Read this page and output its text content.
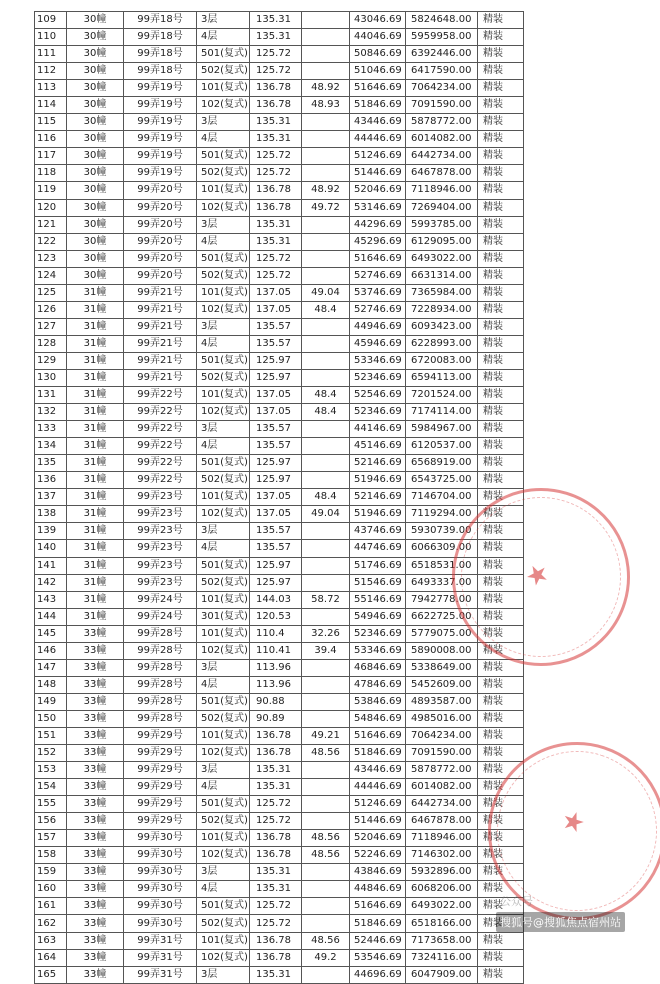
109	30幢	99弄18号	3层	135.31		43046.69	5824648.00	精装
110	30幢	99弄18号	4层	135.31		44046.69	5959958.00	精装
111	30幢	99弄18号	501(复式)	125.72		50846.69	6392446.00	精装
112	30幢	99弄18号	502(复式)	125.72		51046.69	6417590.00	精装
113	30幢	99弄19号	101(复式)	136.78	48.92	51646.69	7064234.00	精装
114	30幢	99弄19号	102(复式)	136.78	48.93	51846.69	7091590.00	精装
115	30幢	99弄19号	3层	135.31		43446.69	5878772.00	精装
116	30幢	99弄19号	4层	135.31		44446.69	6014082.00	精装
117	30幢	99弄19号	501(复式)	125.72		51246.69	6442734.00	精装
118	30幢	99弄19号	502(复式)	125.72		51446.69	6467878.00	精装
119	30幢	99弄20号	101(复式)	136.78	48.92	52046.69	7118946.00	精装
120	30幢	99弄20号	102(复式)	136.78	49.72	53146.69	7269404.00	精装
121	30幢	99弄20号	3层	135.31		44296.69	5993785.00	精装
122	30幢	99弄20号	4层	135.31		45296.69	6129095.00	精装
123	30幢	99弄20号	501(复式)	125.72		51646.69	6493022.00	精装
124	30幢	99弄20号	502(复式)	125.72		52746.69	6631314.00	精装
125	31幢	99弄21号	101(复式)	137.05	49.04	53746.69	7365984.00	精装
126	31幢	99弄21号	102(复式)	137.05	48.4	52746.69	7228934.00	精装
127	31幢	99弄21号	3层	135.57		44946.69	6093423.00	精装
128	31幢	99弄21号	4层	135.57		45946.69	6228993.00	精装
129	31幢	99弄21号	501(复式)	125.97		53346.69	6720083.00	精装
130	31幢	99弄21号	502(复式)	125.97		52346.69	6594113.00	精装
131	31幢	99弄22号	101(复式)	137.05	48.4	52546.69	7201524.00	精装
132	31幢	99弄22号	102(复式)	137.05	48.4	52346.69	7174114.00	精装
133	31幢	99弄22号	3层	135.57		44146.69	5984967.00	精装
134	31幢	99弄22号	4层	135.57		45146.69	6120537.00	精装
135	31幢	99弄22号	501(复式)	125.97		52146.69	6568919.00	精装
136	31幢	99弄22号	502(复式)	125.97		51946.69	6543725.00	精装
137	31幢	99弄23号	101(复式)	137.05	48.4	52146.69	7146704.00	精装
138	31幢	99弄23号	102(复式)	137.05	49.04	51946.69	7119294.00	精装
139	31幢	99弄23号	3层	135.57		43746.69	5930739.00	精装
140	31幢	99弄23号	4层	135.57		44746.69	6066309.00	精装
141	31幢	99弄23号	501(复式)	125.97		51746.69	6518531.00	精装
142	31幢	99弄23号	502(复式)	125.97		51546.69	6493337.00	精装
143	31幢	99弄24号	101(复式)	144.03	58.72	55146.69	7942778.00	精装
144	31幢	99弄24号	301(复式)	120.53		54946.69	6622725.00	精装
145	33幢	99弄28号	101(复式)	110.4	32.26	52346.69	5779075.00	精装
146	33幢	99弄28号	102(复式)	110.41	39.4	53346.69	5890008.00	精装
147	33幢	99弄28号	3层	113.96		46846.69	5338649.00	精装
148	33幢	99弄28号	4层	113.96		47846.69	5452609.00	精装
149	33幢	99弄28号	501(复式)	90.88		53846.69	4893587.00	精装
150	33幢	99弄28号	502(复式)	90.89		54846.69	4985016.00	精装
151	33幢	99弄29号	101(复式)	136.78	49.21	51646.69	7064234.00	精装
152	33幢	99弄29号	102(复式)	136.78	48.56	51846.69	7091590.00	精装
153	33幢	99弄29号	3层	135.31		43446.69	5878772.00	精装
154	33幢	99弄29号	4层	135.31		44446.69	6014082.00	精装
155	33幢	99弄29号	501(复式)	125.72		51246.69	6442734.00	精装
156	33幢	99弄29号	502(复式)	125.72		51446.69	6467878.00	精装
157	33幢	99弄30号	101(复式)	136.78	48.56	52046.69	7118946.00	精装
158	33幢	99弄30号	102(复式)	136.78	48.56	52246.69	7146302.00	精装
159	33幢	99弄30号	3层	135.31		43846.69	5932896.00	精装
160	33幢	99弄30号	4层	135.31		44846.69	6068206.00	精装
161	33幢	99弄30号	501(复式)	125.72		51646.69	6493022.00	精装
162	33幢	99弄30号	502(复式)	125.72		51846.69	6518166.00	精装
163	33幢	99弄31号	101(复式)	136.78	48.56	52446.69	7173658.00	精装
164	33幢	99弄31号	102(复式)	136.78	49.2	53546.69	7324116.00	精装
165	33幢	99弄31号	3层	135.31		44696.69	6047909.00	精装
★
★
公众号
搜狐号@搜狐焦点宿州站
